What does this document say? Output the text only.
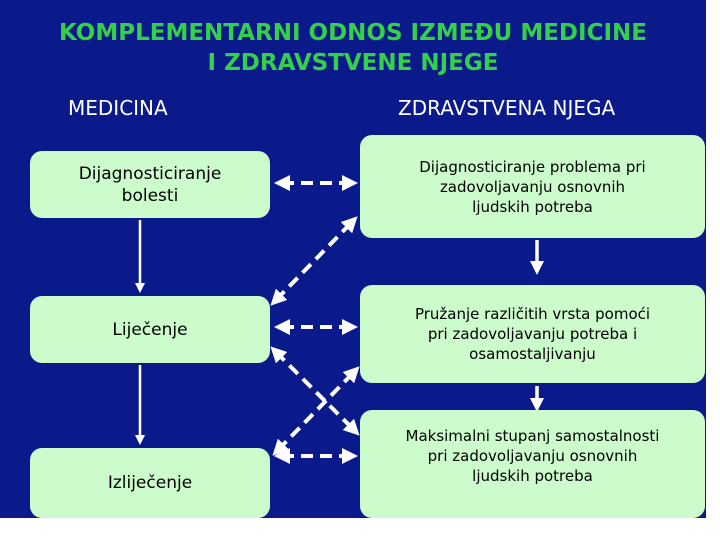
KOMPLEMENTARNI ODNOS IZMEĐU MEDICINE
I ZDRAVSTVENE NJEGE
MEDICINA	ZDRAVSTVENA NJEGA
Dijagnosticiranje
bolesti
Liječenje
Izliječenje
Dijagnosticiranje problema pri
zadovoljavanju osnovnih
ljudskih potreba
Pružanje različitih vrsta pomoći
pri zadovoljavanju potreba i
osamostaljivanju
Maksimalni stupanj samostalnosti
pri zadovoljavanju osnovnih
ljudskih potreba
